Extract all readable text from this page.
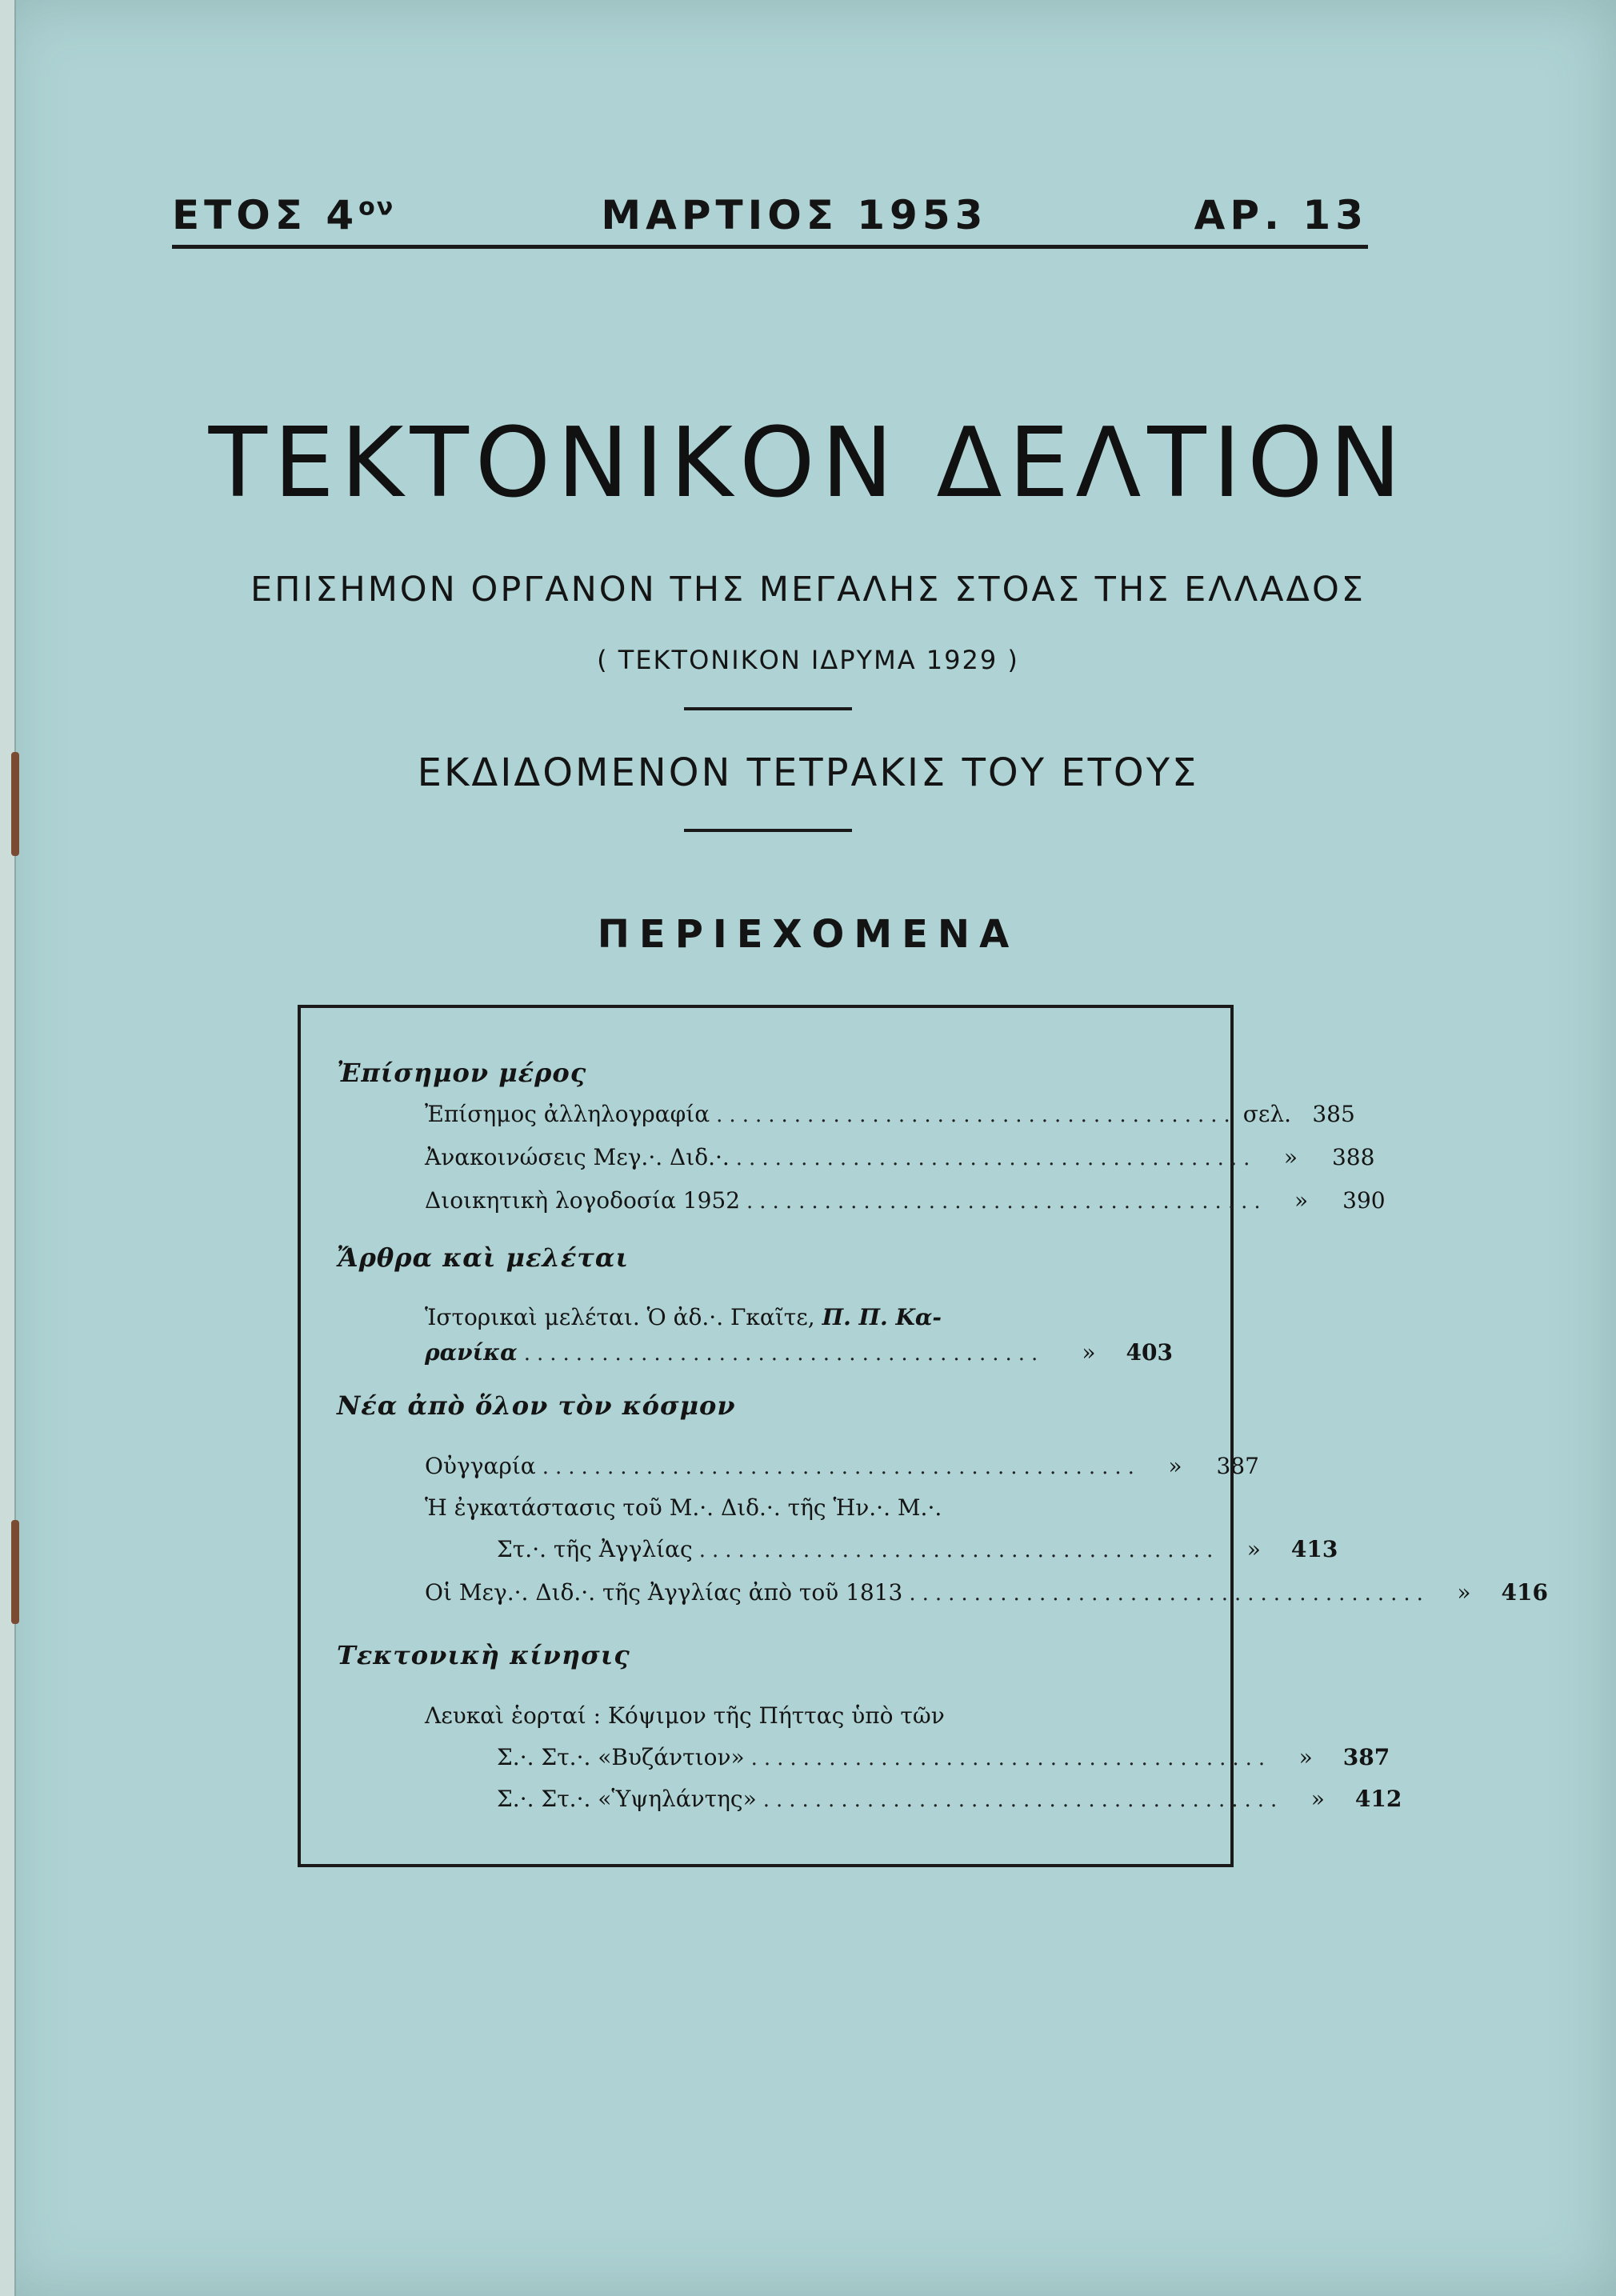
ΕΤΟΣ $4^{o\nu}$	ΜΑΡΤΙΟΣ 1953	ΑΡ. 13
ΤΕΚΤΟΝΙΚΟΝ ΔΕΛΤΙΟΝ
ΕΠΙΣΗΜΟΝ ΟΡΓΑΝΟΝ ΤΗΣ ΜΕΓΑΛΗΣ ΣΤΟΑΣ ΤΗΣ ΕΛΛΑΔΟΣ
( ΤΕΚΤΟΝΙΚΟΝ ΙΔΡΥΜΑ 1929 )
ΕΚΔΙΔΟΜΕΝΟΝ ΤΕΤΡΑΚΙΣ ΤΟΥ ΕΤΟΥΣ
ΠΕΡΙΕΧΟΜΕΝΑ
Ἐπίσημον μέρος
Ἐπίσημος ἀλληλογραφία ........................................ σελ. 385
Ἀνακοινώσεις Μεγ.·. Διδ.·. ........................................	»	388
Διοικητικὴ λογοδοσία 1952 ........................................	»	390
Ἄρθρα καὶ μελέται
Ἱστορικαὶ μελέται. Ὁ ἀδ.·. Γκαῖτε, Π. Π. Κα-
ρανίκα ........................................	»	403
Νέα ἀπὸ ὅλον τὸν κόσμον
Οὐγγαρία ..............................................	»	387
Ἡ ἐγκατάστασις τοῦ Μ.·. Διδ.·. τῆς Ἡν.·. Μ.·.
Στ.·. τῆς Ἀγγλίας ........................................	»	413
Οἱ Μεγ.·. Διδ.·. τῆς Ἀγγλίας ἀπὸ τοῦ 1813 ........................................	»	416
Τεκτονικὴ κίνησις
Λευκαὶ ἑορταί : Κόψιμον τῆς Πήττας ὑπὸ τῶν
Σ.·. Στ.·. «Βυζάντιον» ........................................	»	387
Σ.·. Στ.·. «Ὑψηλάντης» ........................................	»	412
